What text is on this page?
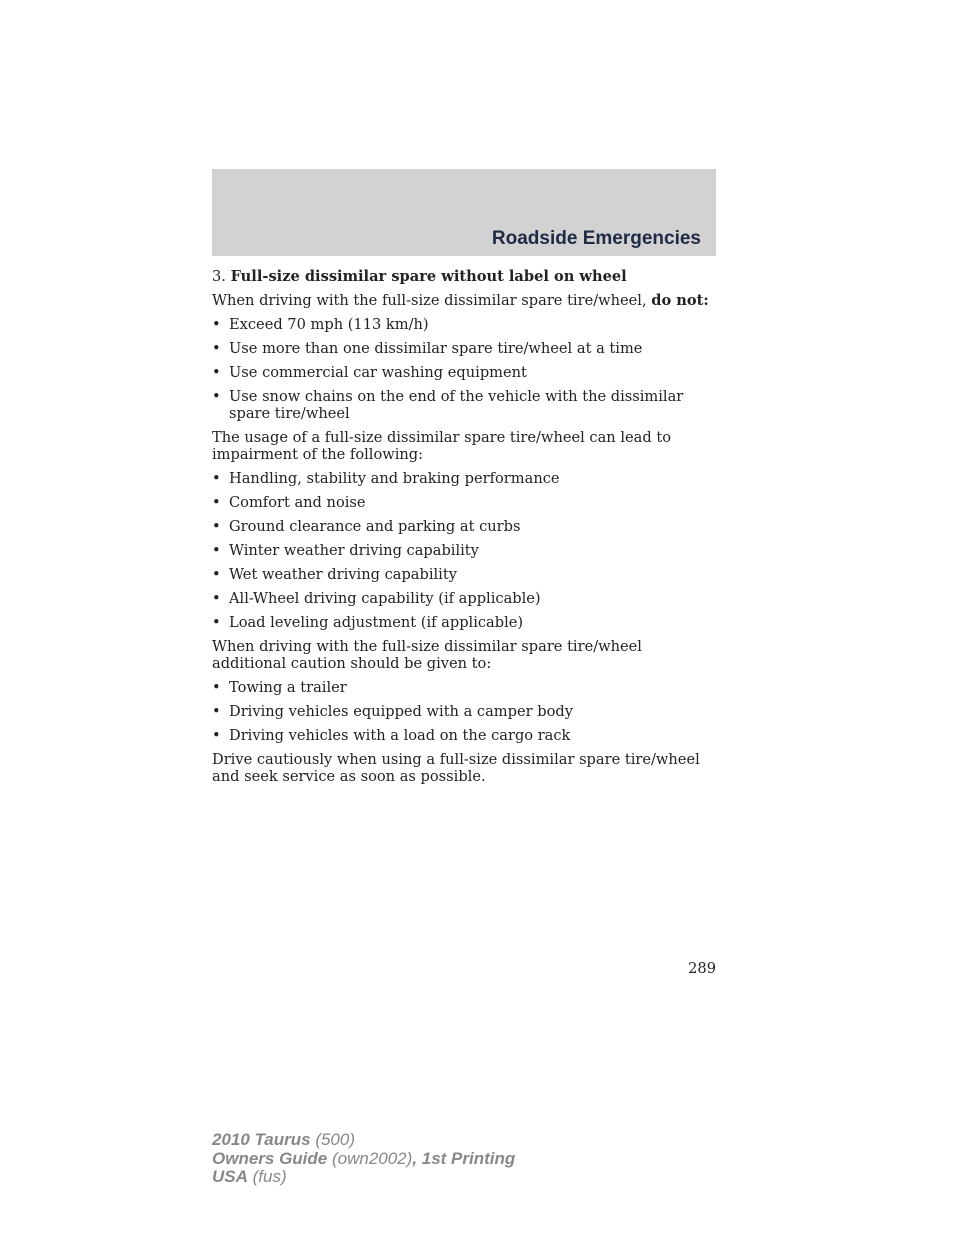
Roadside Emergencies

3. Full-size dissimilar spare without label on wheel

When driving with the full-size dissimilar spare tire/wheel, do not:

• Exceed 70 mph (113 km/h)
• Use more than one dissimilar spare tire/wheel at a time
• Use commercial car washing equipment
• Use snow chains on the end of the vehicle with the dissimilar spare tire/wheel

The usage of a full-size dissimilar spare tire/wheel can lead to impairment of the following:

• Handling, stability and braking performance
• Comfort and noise
• Ground clearance and parking at curbs
• Winter weather driving capability
• Wet weather driving capability
• All-Wheel driving capability (if applicable)
• Load leveling adjustment (if applicable)

When driving with the full-size dissimilar spare tire/wheel additional caution should be given to:

• Towing a trailer
• Driving vehicles equipped with a camper body
• Driving vehicles with a load on the cargo rack

Drive cautiously when using a full-size dissimilar spare tire/wheel and seek service as soon as possible.

289
2010 Taurus (500)
Owners Guide (own2002), 1st Printing
USA (fus)
